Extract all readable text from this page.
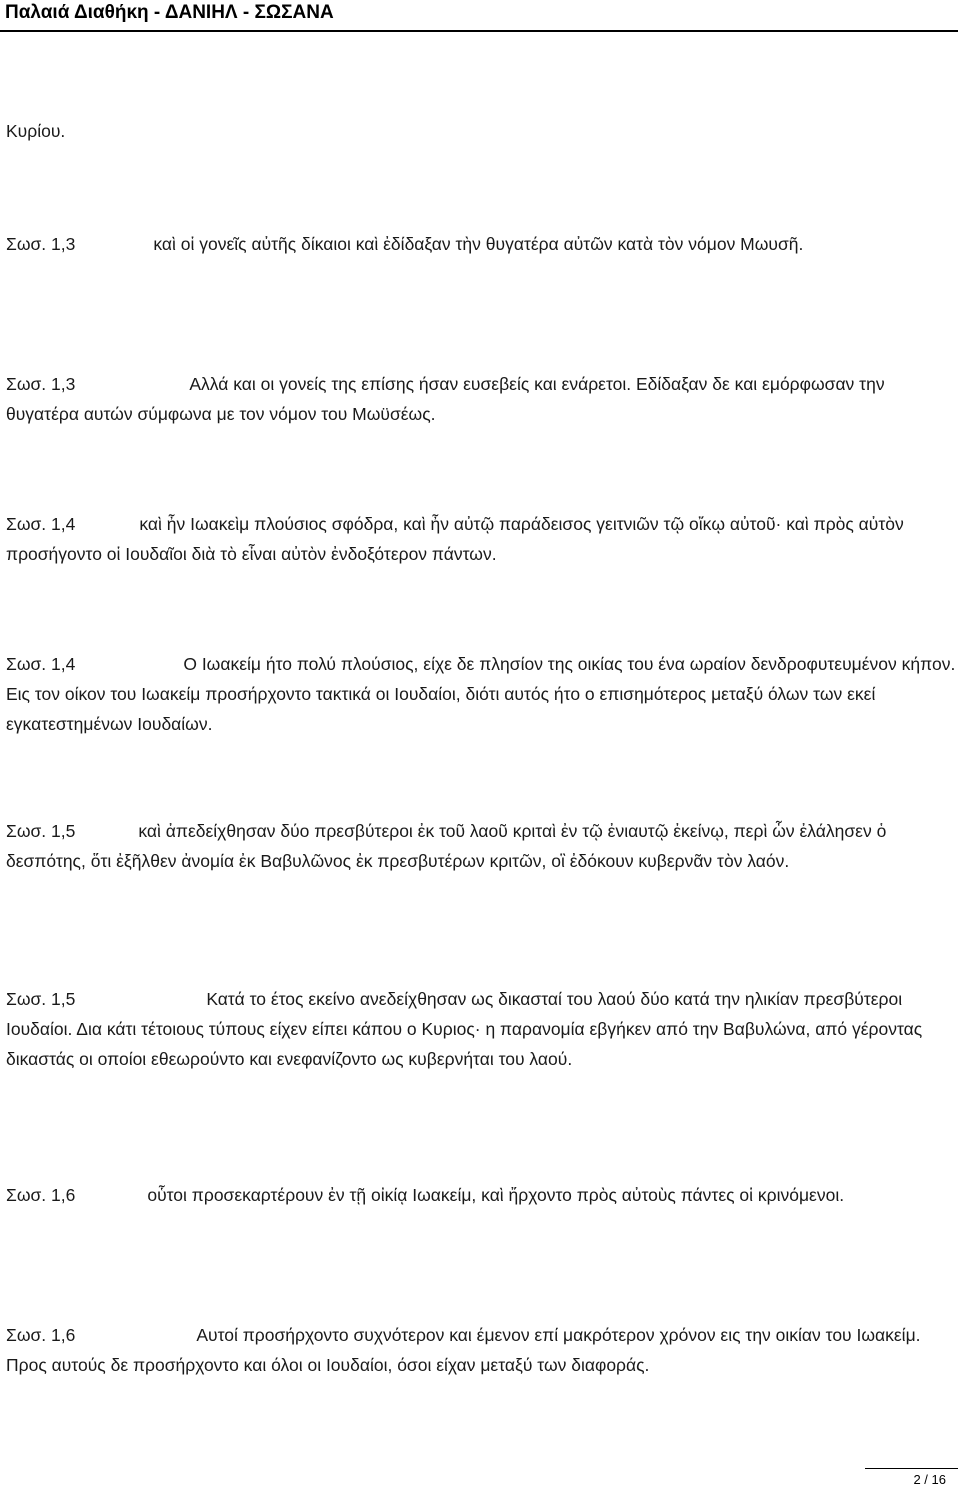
Παλαιά Διαθήκη - ΔΑΝΙΗΛ - ΣΩΣΑΝΑ
Κυρίου.
Σωσ. 1,3	καὶ οἱ γονεῖς αὐτῆς δίκαιοι καὶ ἐδίδαξαν τὴν θυγατέρα αὐτῶν κατὰ τὸν νόμον Μωυσῆ.
Σωσ. 1,3	Αλλά και οι γονείς της επίσης ήσαν ευσεβείς και ενάρετοι. Εδίδαξαν δε και εμόρφωσαν την θυγατέρα αυτών σύμφωνα με τον νόμον του Μωϋσέως.
Σωσ. 1,4	καὶ ἦν Ιωακεὶμ πλούσιος σφόδρα, καὶ ἦν αὐτῷ παράδεισος γειτνιῶν τῷ οἴκῳ αὐτοῦ· καὶ πρὸς αὐτὸν προσήγοντο οἱ Ιουδαῖοι διὰ τὸ εἶναι αὐτὸν ἐνδοξότερον πάντων.
Σωσ. 1,4	Ο Ιωακείμ ήτο πολύ πλούσιος, είχε δε πλησίον της οικίας του ένα ωραίον δενδροφυτευμένον κήπον. Εις τον οίκον του Ιωακείμ προσήρχοντο τακτικά οι Ιουδαίοι, διότι αυτός ήτο ο επισημότερος μεταξύ όλων των εκεί εγκατεστημένων Ιουδαίων.
Σωσ. 1,5	καὶ ἀπεδείχθησαν δύο πρεσβύτεροι ἐκ τοῦ λαοῦ κριταὶ ἐν τῷ ἐνιαυτῷ ἐκείνῳ, περὶ ὧν ἐλάλησεν ὁ δεσπότης, ὅτι ἐξῆλθεν ἀνομία ἐκ Βαβυλῶνος ἐκ πρεσβυτέρων κριτῶν, οἳ ἐδόκουν κυβερνᾶν τὸν λαόν.
Σωσ. 1,5	Κατά το έτος εκείνο ανεδείχθησαν ως δικασταί του λαού δύο κατά την ηλικίαν πρεσβύτεροι Ιουδαίοι. Δια κάτι τέτοιους τύπους είχεν είπει κάπου ο Κυριος· η παρανομία εβγήκεν από την Βαβυλώνα, από γέροντας δικαστάς οι οποίοι εθεωρούντο και ενεφανίζοντο ως κυβερνήται του λαού.
Σωσ. 1,6	οὗτοι προσεκαρτέρουν ἐν τῇ οἰκίᾳ Ιωακείμ, καὶ ἤρχοντο πρὸς αὐτοὺς πάντες οἱ κρινόμενοι.
Σωσ. 1,6	Αυτοί προσήρχοντο συχνότερον και έμενον επί μακρότερον χρόνον εις την οικίαν του Ιωακείμ. Προς αυτούς δε προσήρχοντο και όλοι οι Ιουδαίοι, όσοι είχαν μεταξύ των διαφοράς.
2 / 16
